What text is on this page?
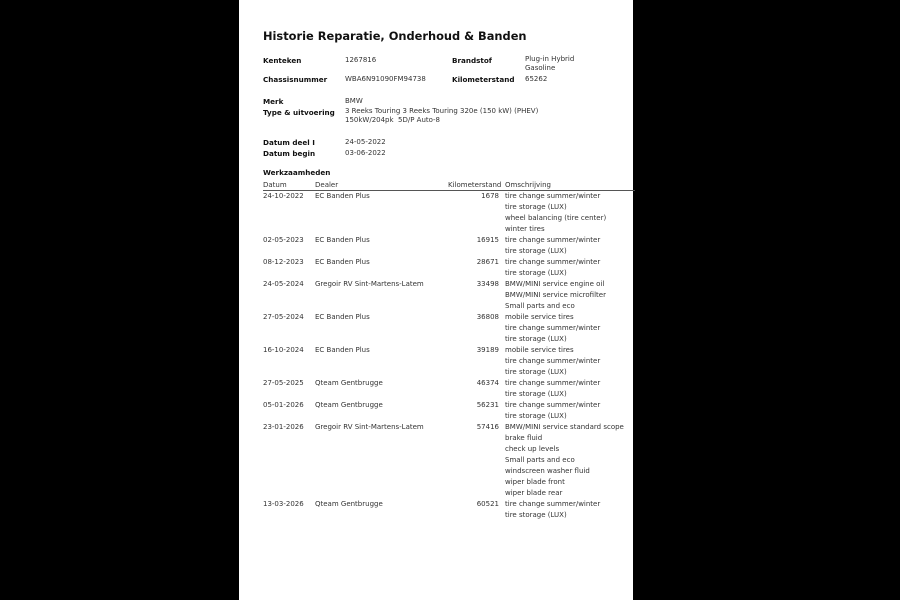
Historie Reparatie, Onderhoud & Banden
Kenteken	1267816	Brandstof	Plug-in Hybrid
Gasoline
Chassisnummer	WBA6N91090FM94738	Kilometerstand 65262
Merk	BMW
Type & uitvoering 3 Reeks Touring 3 Reeks Touring 320e (150 kW) (PHEV)
150kW/204pk  5D/P Auto-8
Datum deel I	24-05-2022
Datum begin	03-06-2022
Werkzaamheden
Datum	Dealer	Kilometerstand Omschrijving
24-10-2022 EC Banden Plus	1678 tire change summer/winter
tire storage (LUX)
wheel balancing (tire center)
winter tires
02-05-2023 EC Banden Plus	16915 tire change summer/winter
tire storage (LUX)
08-12-2023 EC Banden Plus	28671 tire change summer/winter
tire storage (LUX)
24-05-2024 Gregoir RV Sint-Martens-Latem	33498 BMW/MINI service engine oil
BMW/MINI service microfilter
Small parts and eco
27-05-2024 EC Banden Plus	36808 mobile service tires
tire change summer/winter
tire storage (LUX)
16-10-2024 EC Banden Plus	39189 mobile service tires
tire change summer/winter
tire storage (LUX)
27-05-2025 Qteam Gentbrugge	46374 tire change summer/winter
tire storage (LUX)
05-01-2026 Qteam Gentbrugge	56231 tire change summer/winter
tire storage (LUX)
23-01-2026 Gregoir RV Sint-Martens-Latem	57416 BMW/MINI service standard scope
brake fluid
check up levels
Small parts and eco
windscreen washer fluid
wiper blade front
wiper blade rear
13-03-2026 Qteam Gentbrugge	60521 tire change summer/winter
tire storage (LUX)
